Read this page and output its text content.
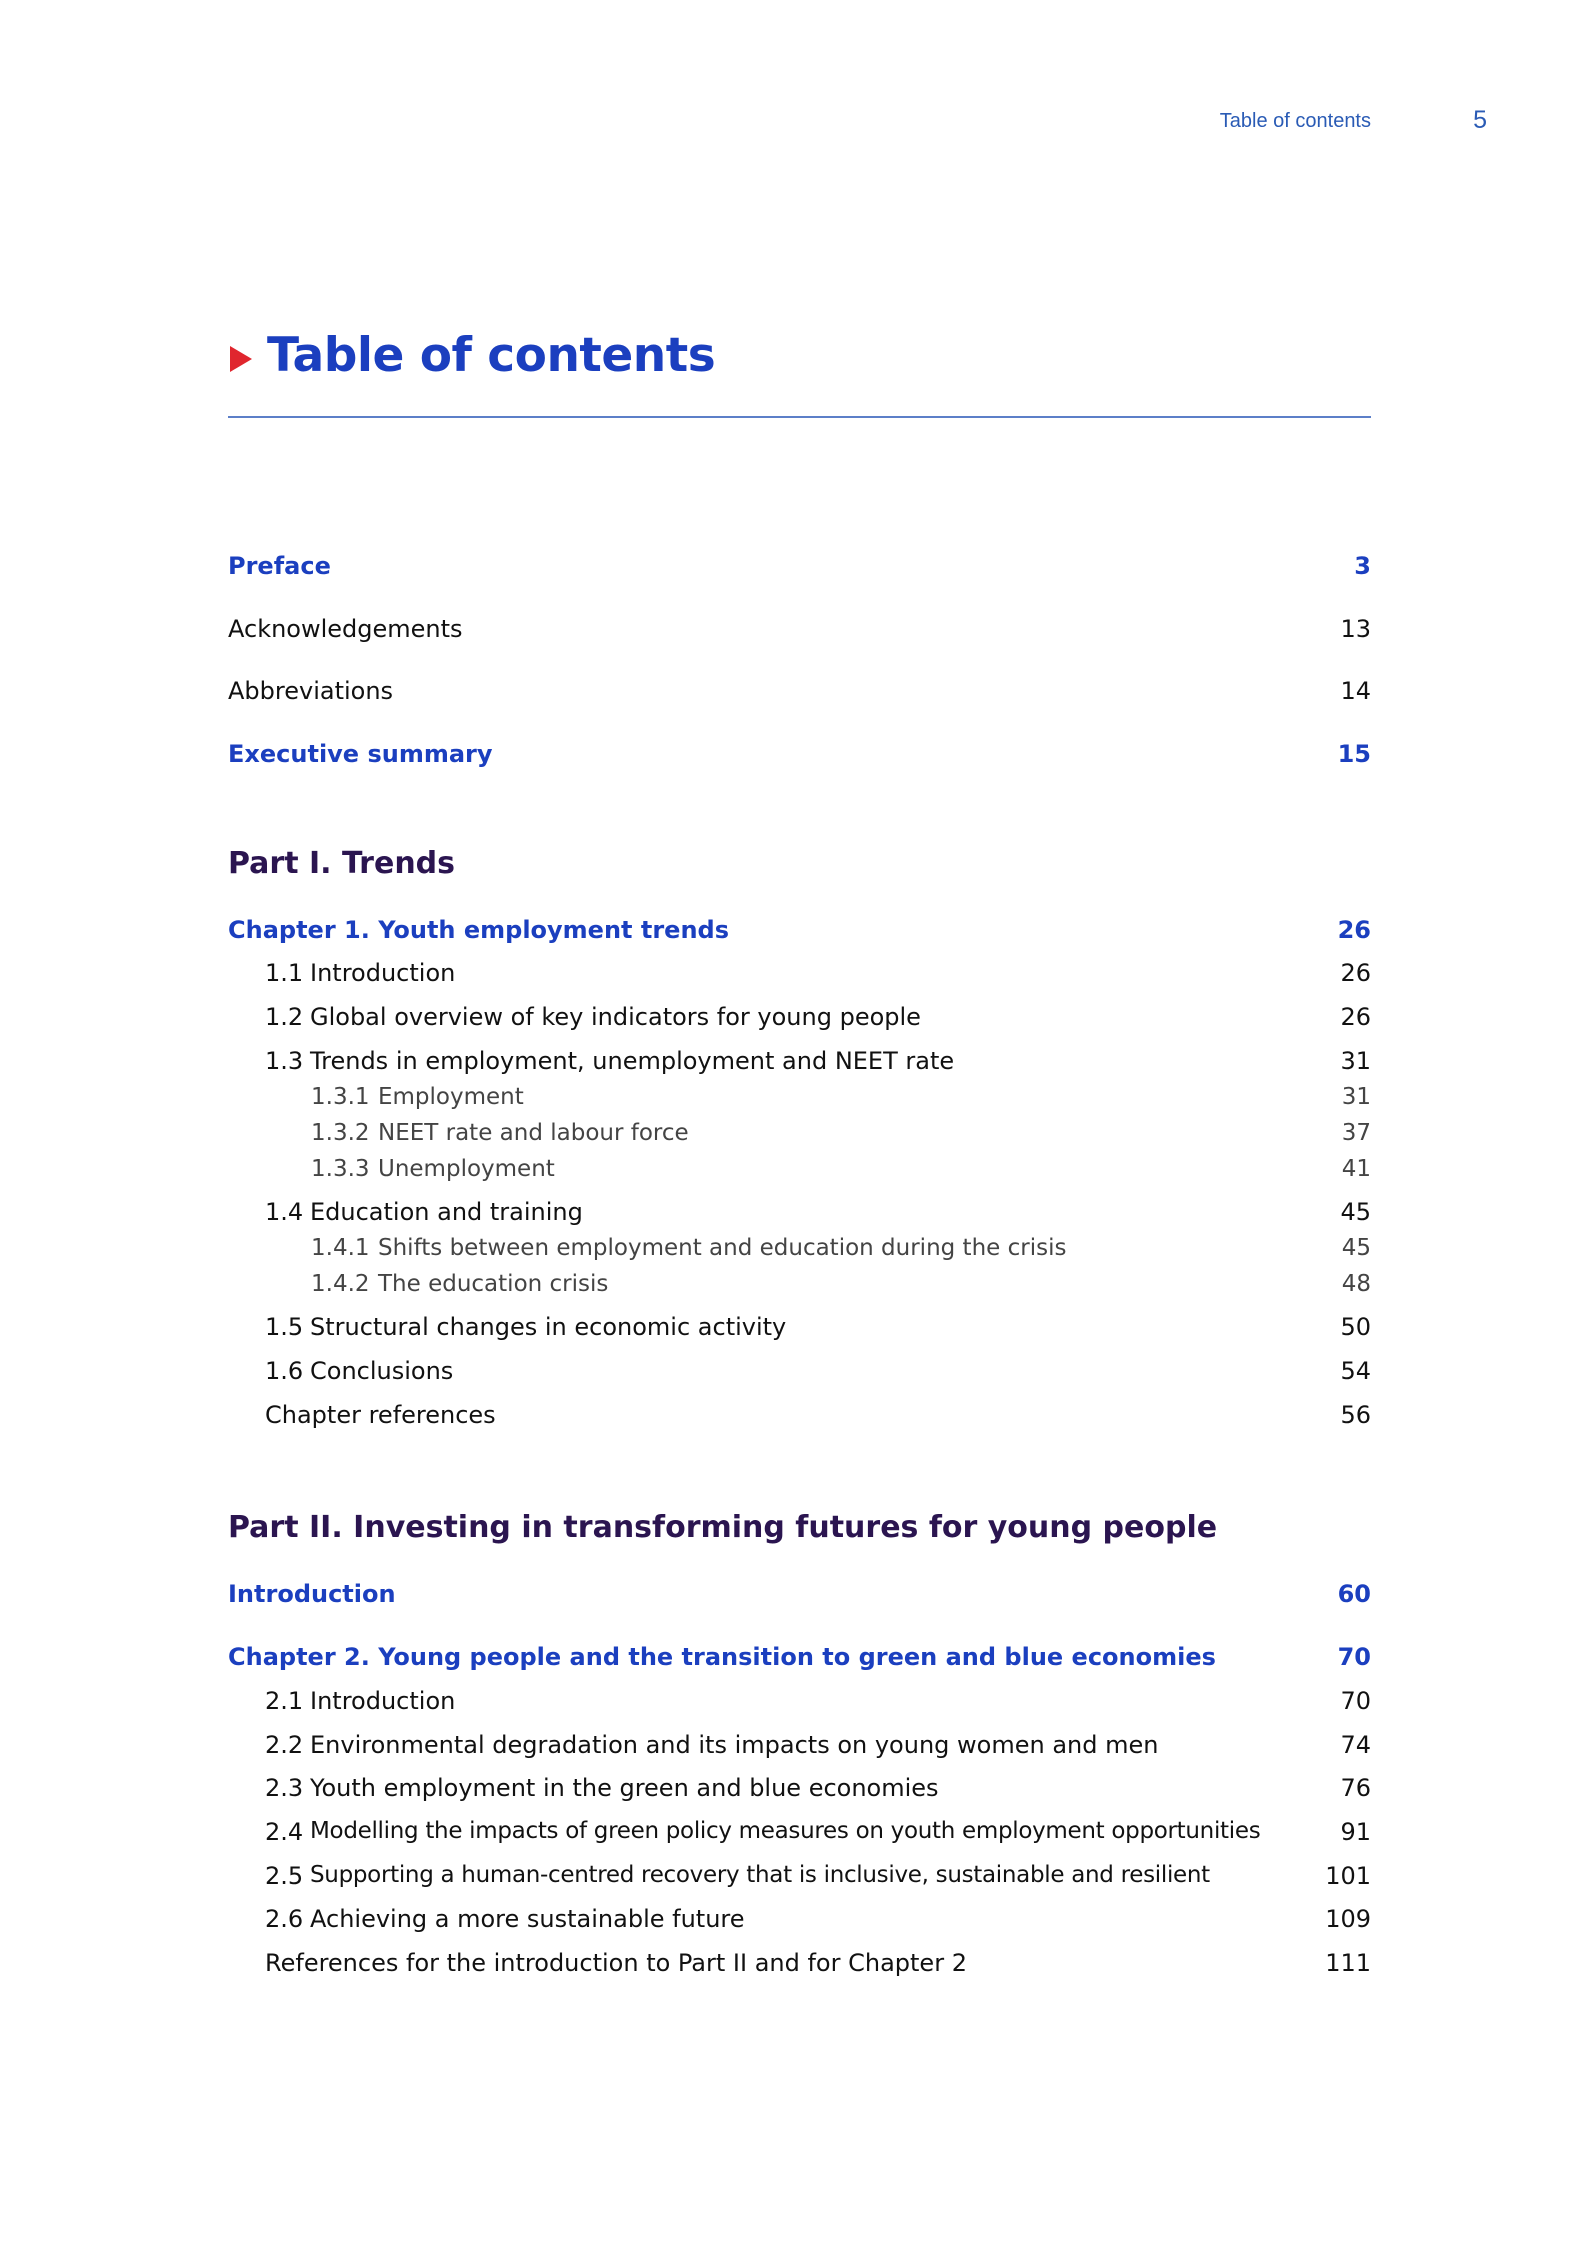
Table of contents	5
Table of contents
Preface	3
Acknowledgements	13
Abbreviations	14
Executive summary	15
Part I. Trends
Chapter 1. Youth employment trends	26
1.1 Introduction	26
1.2 Global overview of key indicators for young people	26
1.3 Trends in employment, unemployment and NEET rate	31
1.3.1 Employment	31
1.3.2 NEET rate and labour force	37
1.3.3 Unemployment	41
1.4 Education and training	45
1.4.1 Shifts between employment and education during the crisis	45
1.4.2 The education crisis	48
1.5 Structural changes in economic activity	50
1.6 Conclusions	54
Chapter references	56
Part II. Investing in transforming futures for young people
Introduction	60
Chapter 2. Young people and the transition to green and blue economies	70
2.1 Introduction	70
2.2 Environmental degradation and its impacts on young women and men	74
2.3 Youth employment in the green and blue economies	76
2.4 Modelling the impacts of green policy measures on youth employment opportunities	91
2.5 Supporting a human-centred recovery that is inclusive, sustainable and resilient	101
2.6 Achieving a more sustainable future	109
References for the introduction to Part II and for Chapter 2	111
